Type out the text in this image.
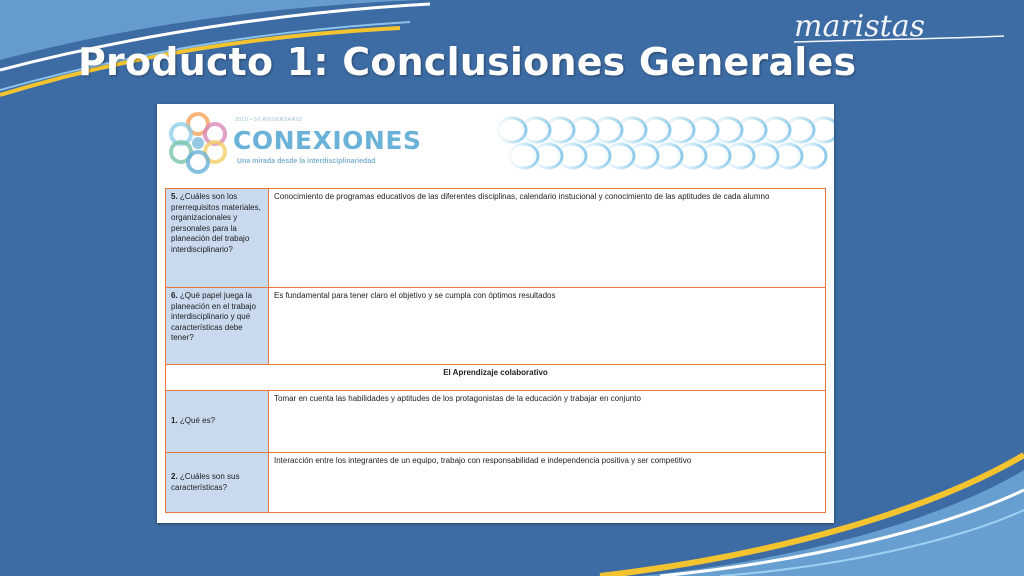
Producto 1: Conclusiones Generales
maristas
2010 • 50 ANIVERSARIO
CONEXIONES
Una mirada desde la interdisciplinariedad
5. ¿Cuáles son los prerrequisitos materiales, organizacionales y personales para la planeación del trabajo interdisciplinario?	Conocimiento de programas educativos de las diferentes disciplinas, calendario instucional y conocimiento de las aptitudes de cada alumno
6. ¿Qué papel juega la planeación en el trabajo interdisciplinario y qué características debe tener?	Es fundamental para tener claro el objetivo y se cumpla con óptimos resultados
El Aprendizaje colaborativo	
1. ¿Qué es?	Tomar en cuenta las habilidades y aptitudes de los protagonistas de la educación y trabajar en conjunto
2. ¿Cuáles son sus características?	Interacción entre los integrantes de un equipo, trabajo con responsabilidad e independencia positiva y ser competitivo
